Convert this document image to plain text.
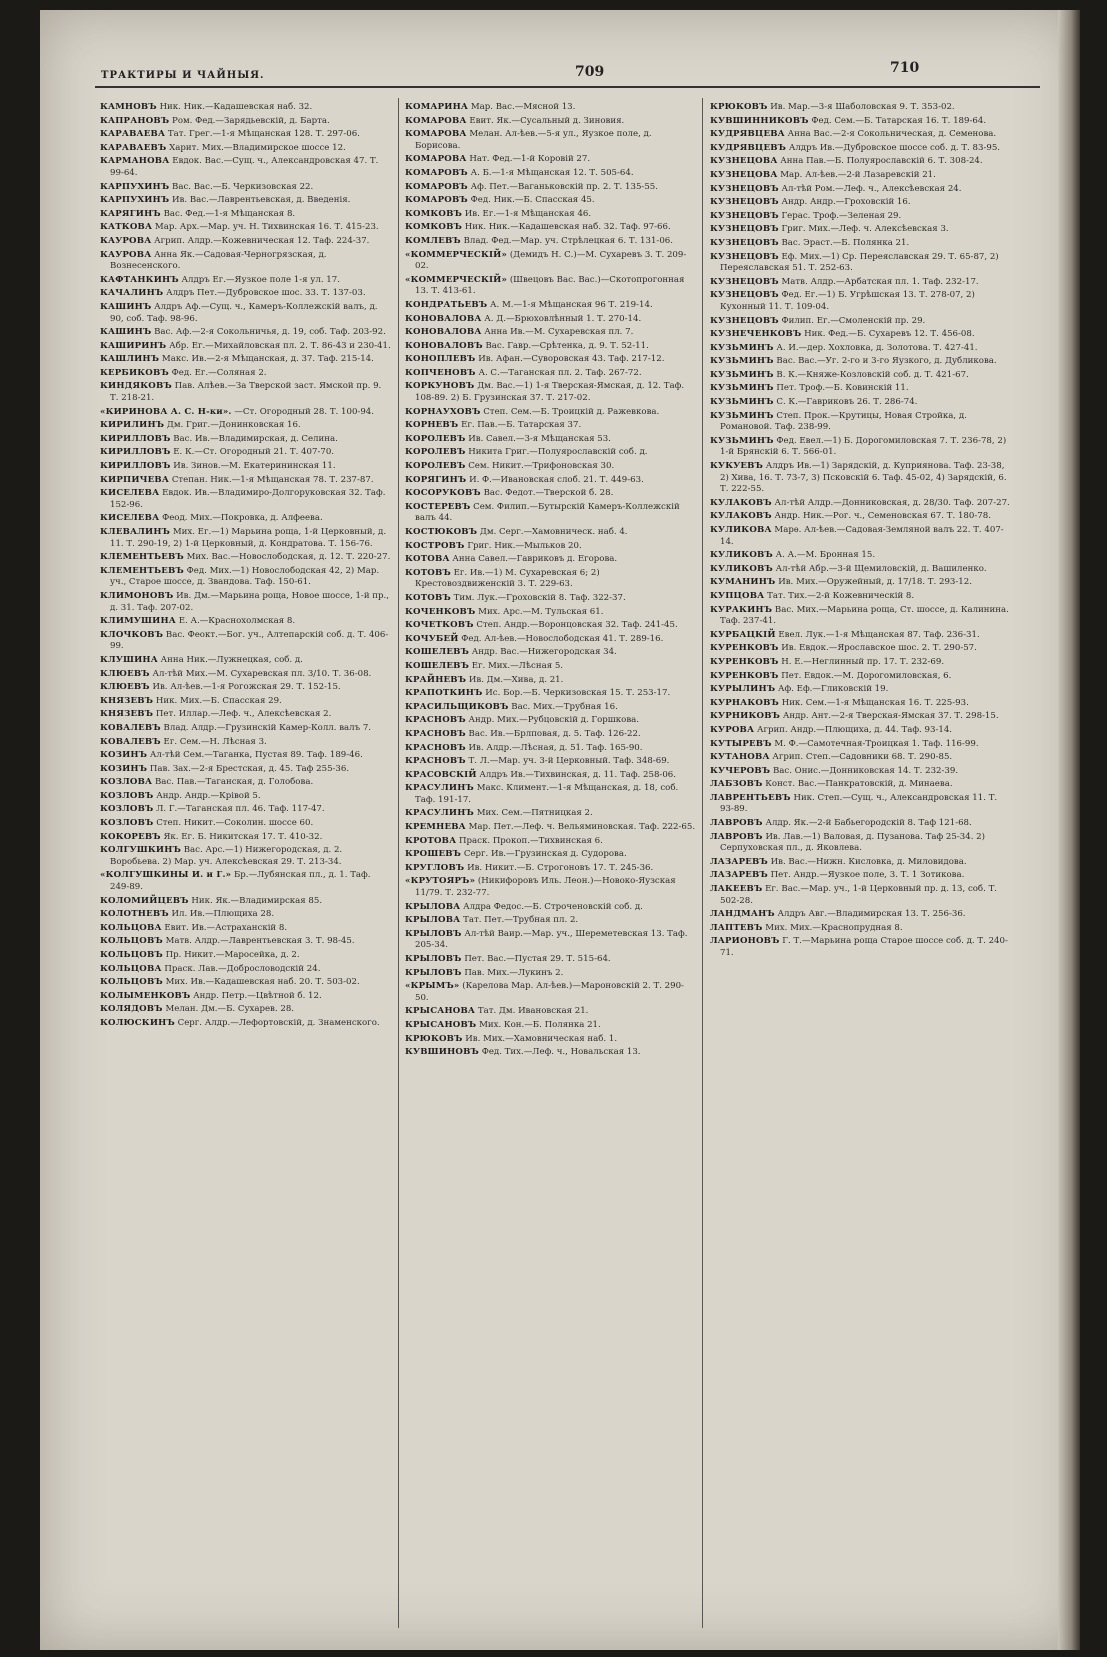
ТРАКТИРЫ И ЧАЙНЫЯ.	709	710
КАМНОВЪ Ник. Ник.—Кадашевская наб. 32.
КАПРАНОВЪ Ром. Фед.—Зарядьевскій, д. Барта.
КАРАВАЕВА Тат. Грег.—1-я Мѣщанская 128. Т. 297-06.
КАРАВАЕВЪ Харит. Мих.—Владимирское шоссе 12.
КАРМАНОВА Евдок. Вас.—Сущ. ч., Александровская 47. Т. 99-64.
КАРПУХИНЪ Вас. Вас.—Б. Черкизовская 22.
КАРПУХИНЪ Ив. Вас.—Лаврентьевская, д. Введенія.
КАРЯГИНЪ Вас. Фед.—1-я Мѣщанская 8.
КАТКОВА Мар. Арх.—Мар. уч. Н. Тихвинская 16. Т. 415-23.
КАУРОВА Агрип. Алдр.—Кожевническая 12. Таф. 224-37.
КАУРОВА Анна Як.—Садовая-Черногрязская, д. Вознесенского.
КАФТАНКИНЪ Алдръ Ег.—Яузкое поле 1-я ул. 17.
КАЧАЛИНЪ Алдръ Пет.—Дубровское шос. 33. Т. 137-03.
КАШИНЪ Алдръ Аф.—Сущ. ч., Камеръ-Коллежскій валъ, д. 90, соб. Таф. 98-96.
КАШИНЪ Вас. Аф.—2-я Сокольничья, д. 19, соб. Таф. 203-92.
КАШИРИНЪ Абр. Ег.—Михайловская пл. 2. Т. 86-43 и 230-41.
КАШЛИНЪ Макс. Ив.—2-я Мѣщанская, д. 37. Таф. 215-14.
КЕРБИКОВЪ Фед. Ег.—Соляная 2.
КИНДЯКОВЪ Пав. Алѣев.—За Тверской заст. Ямской пр. 9. Т. 218-21.
«КИРИНОВА А. С. Н-ки». —Ст. Огородный 28. Т. 100-94.
КИРИЛИНЪ Дм. Григ.—Донинковская 16.
КИРИЛЛОВЪ Вас. Ив.—Владимирская, д. Селина.
КИРИЛЛОВЪ Е. К.—Ст. Огородный 21. Т. 407-70.
КИРИЛЛОВЪ Ив. Зинов.—М. Екатерининская 11.
КИРПИЧЕВА Степан. Ник.—1-я Мѣщанская 78. Т. 237-87.
КИСЕЛЕВА Евдок. Ив.—Владимиро-Долгоруковская 32. Таф. 152-96.
КИСЕЛЕВА Феод. Мих.—Покровка, д. Алфеева.
КЛЕВАЛИНЪ Мих. Ег.—1) Марьина роща, 1-й Церковный, д. 11. Т. 290-19, 2) 1-й Церковный, д. Кондратова. Т. 156-76.
КЛЕМЕНТЬЕВЪ Мих. Вас.—Новослободская, д. 12. Т. 220-27.
КЛЕМЕНТЬЕВЪ Фед. Мих.—1) Новослободская 42, 2) Мар. уч., Старое шоссе, д. Звандова. Таф. 150-61.
КЛИМОНОВЪ Ив. Дм.—Марьина роща, Новое шоссе, 1-й пр., д. 31. Таф. 207-02.
КЛИМУШИНА Е. А.—Краснохолмская 8.
КЛОЧКОВЪ Вас. Феокт.—Бог. уч., Алтепарскій соб. д. Т. 406-99.
КЛУШИНА Анна Ник.—Лужнецкая, соб. д.
КЛЮЕВЪ Ал-тѣй Мих.—М. Сухаревская пл. 3/10. Т. 36-08.
КЛЮЕВЪ Ив. Ал-ѣев.—1-я Рогожская 29. Т. 152-15.
КНЯЗЕВЪ Ник. Мих.—Б. Спасская 29.
КНЯЗЕВЪ Пет. Иллар.—Леф. ч., Алексѣевская 2.
КОВАЛЕВЪ Влад. Алдр.—Грузинскій Камер-Колл. валъ 7.
КОВАЛЕВЪ Ег. Сем.—Н. Лѣсная 3.
КОЗИНЪ Ал-тѣй Сем.—Таганка, Пустая 89. Таф. 189-46.
КОЗИНЪ Пав. Зах.—2-я Брестская, д. 45. Таф 255-36.
КОЗЛОВА Вас. Пав.—Таганская, д. Голобова.
КОЗЛОВЪ Андр. Андр.—Крівой 5.
КОЗЛОВЪ Л. Г.—Таганская пл. 46. Таф. 117-47.
КОЗЛОВЪ Степ. Никит.—Соколин. шоссе 60.
КОКОРЕВЪ Як. Ег. Б. Никитская 17. Т. 410-32.
КОЛГУШКИНЪ Вас. Арс.—1) Нижегородская, д. 2. Воробьева. 2) Мар. уч. Алексѣевская 29. Т. 213-34.
«КОЛГУШКИНЫ И. и Г.» Бр.—Лубянская пл., д. 1. Таф. 249-89.
КОЛОМИЙЦЕВЪ Ник. Як.—Владимирская 85.
КОЛОТНЕВЪ Ил. Ив.—Плющиха 28.
КОЛЬЦОВА Евит. Ив.—Астраханскій 8.
КОЛЬЦОВЪ Матв. Алдр.—Лаврентьевская 3. Т. 98-45.
КОЛЬЦОВЪ Пр. Никит.—Маросейка, д. 2.
КОЛЬЦОВА Праск. Лав.—Добрословодскій 24.
КОЛЬЦОВЪ Мих. Ив.—Кадашевская наб. 20. Т. 503-02.
КОЛЫМЕНКОВЪ Андр. Петр.—Цвѣтной б. 12.
КОЛЯДОВЪ Мелан. Дм.—Б. Сухарев. 28.
КОЛЮСКИНЪ Серг. Алдр.—Лефортовскій, д. Знаменского.
КОМАРИНА Мар. Вас.—Мясной 13.
КОМАРОВА Евит. Як.—Сусальный д. Зиновия.
КОМАРОВА Мелан. Ал-ѣев.—5-я ул., Яузкое поле, д. Борисова.
КОМАРОВА Нат. Фед.—1-й Коровій 27.
КОМАРОВЪ А. Б.—1-я Мѣщанская 12. Т. 505-64.
КОМАРОВЪ Аф. Пет.—Ваганьковскій пр. 2. Т. 135-55.
КОМАРОВЪ Фед. Ник.—Б. Спасская 45.
КОМКОВЪ Ив. Ег.—1-я Мѣщанская 46.
КОМКОВЪ Ник. Ник.—Кадашевская наб. 32. Таф. 97-66.
КОМЛЕВЪ Влад. Фед.—Мар. уч. Стрѣлецкая 6. Т. 131-06.
«КОММЕРЧЕСКІЙ» (Демидъ Н. С.)—М. Сухаревъ 3. Т. 209-02.
«КОММЕРЧЕСКІЙ» (Швецовъ Вас. Вас.)—Скотопрогонная 13. Т. 413-61.
КОНДРАТЬЕВЪ А. М.—1-я Мѣщанская 96 Т. 219-14.
КОНОВАЛОВА А. Д.—Брюховлѣнный 1. Т. 270-14.
КОНОВАЛОВА Анна Ив.—М. Сухаревская пл. 7.
КОНОВАЛОВЪ Вас. Гавр.—Срѣтенка, д. 9. Т. 52-11.
КОНОПЛЕВЪ Ив. Афан.—Суворовская 43. Таф. 217-12.
КОПЧЕНОВЪ А. С.—Таганская пл. 2. Таф. 267-72.
КОРКУНОВЪ Дм. Вас.—1) 1-я Тверская-Ямская, д. 12. Таф. 108-89. 2) Б. Грузинская 37. Т. 217-02.
КОРНАУХОВЪ Степ. Сем.—Б. Троицкій д. Ражевкова.
КОРНЕВЪ Ег. Пав.—Б. Татарская 37.
КОРОЛЕВЪ Ив. Савел.—3-я Мѣщанская 53.
КОРОЛЕВЪ Никита Григ.—Полуярославскій соб. д.
КОРОЛЕВЪ Сем. Никит.—Трифоновская 30.
КОРЯГИНЪ И. Ф.—Ивановская слоб. 21. Т. 449-63.
КОСОРУКОВЪ Вас. Федот.—Тверской б. 28.
КОСТЕРЕВЪ Сем. Филип.—Бутырскій Камеръ-Коллежскій валъ 44.
КОСТЮКОВЪ Дм. Серг.—Хамовническ. наб. 4.
КОСТРОВЪ Григ. Ник.—Мыльков 20.
КОТОВА Анна Савел.—Гавриковъ д. Егорова.
КОТОВЪ Ег. Ив.—1) М. Сухаревская 6; 2) Крестовоздвиженскій 3. Т. 229-63.
КОТОВЪ Тим. Лук.—Гроховскій 8. Таф. 322-37.
КОЧЕНКОВЪ Мих. Арс.—М. Тульская 61.
КОЧЕТКОВЪ Степ. Андр.—Воронцовская 32. Таф. 241-45.
КОЧУБЕЙ Фед. Ал-ѣев.—Новослободская 41. Т. 289-16.
КОШЕЛЕВЪ Андр. Вас.—Нижегородская 34.
КОШЕЛЕВЪ Ег. Мих.—Лѣсная 5.
КРАЙНЕВЪ Ив. Дм.—Хива, д. 21.
КРАПОТКИНЪ Ис. Бор.—Б. Черкизовская 15. Т. 253-17.
КРАСИЛЬЩИКОВЪ Вас. Мих.—Трубная 16.
КРАСНОВЪ Андр. Мих.—Рубцовскій д. Горшкова.
КРАСНОВЪ Вас. Ив.—Брлповая, д. 5. Таф. 126-22.
КРАСНОВЪ Ив. Алдр.—Лѣсная, д. 51. Таф. 165-90.
КРАСНОВЪ Т. Л.—Мар. уч. 3-й Церковный. Таф. 348-69.
КРАСОВСКІЙ Алдръ Ив.—Тихвинская, д. 11. Таф. 258-06.
КРАСУЛИНЪ Макс. Климент.—1-я Мѣщанская, д. 18, соб. Таф. 191-17.
КРАСУЛИНЪ Мих. Сем.—Пятницкая 2.
КРЕМНЕВА Мар. Пет.—Леф. ч. Вельяминовская. Таф. 222-65.
КРОТОВА Праск. Прокоп.—Тихвинская 6.
КРОШЕВЪ Серг. Ив.—Грузинская д. Судорова.
КРУГЛОВЪ Ив. Никит.—Б. Строгоновъ 17. Т. 245-36.
«КРУТОЯРЪ» (Никифоровъ Иль. Леон.)—Новоко-Яузская 11/79. Т. 232-77.
КРЫЛОВА Алдра Федос.—Б. Строченовскій соб. д.
КРЫЛОВА Тат. Пет.—Трубная пл. 2.
КРЫЛОВЪ Ал-тѣй Ваир.—Мар. уч., Шереметевская 13. Таф. 205-34.
КРЫЛОВЪ Пет. Вас.—Пустая 29. Т. 515-64.
КРЫЛОВЪ Пав. Мих.—Лукинъ 2.
«КРЫМЪ» (Карелова Мар. Ал-ѣев.)—Мароновскій 2. Т. 290-50.
КРЫСАНОВА Тат. Дм. Ивановская 21.
КРЫСАНОВЪ Мих. Кон.—Б. Полянка 21.
КРЮКОВЪ Ив. Мих.—Хамовническая наб. 1.
КУВШИНОВЪ Фед. Тих.—Леф. ч., Новальская 13.
КРЮКОВЪ Ив. Мар.—3-я Шаболовская 9. Т. 353-02.
КУВШИННИКОВЪ Фед. Сем.—Б. Татарская 16. Т. 189-64.
КУДРЯВЦЕВА Анна Вас.—2-я Сокольническая, д. Семенова.
КУДРЯВЦЕВЪ Алдръ Ив.—Дубровское шоссе соб. д. Т. 83-95.
КУЗНЕЦОВА Анна Пав.—Б. Полуярославскій 6. Т. 308-24.
КУЗНЕЦОВА Мар. Ал-ѣев.—2-й Лазаревскій 21.
КУЗНЕЦОВЪ Ал-тѣй Ром.—Леф. ч., Алексѣевская 24.
КУЗНЕЦОВЪ Андр. Андр.—Гроховскій 16.
КУЗНЕЦОВЪ Герас. Троф.—Зеленая 29.
КУЗНЕЦОВЪ Григ. Мих.—Леф. ч. Алексѣевская 3.
КУЗНЕЦОВЪ Вас. Эраст.—Б. Полянка 21.
КУЗНЕЦОВЪ Еф. Мих.—1) Ср. Переяславская 29. Т. 65-87, 2) Переяславская 51. Т. 252-63.
КУЗНЕЦОВЪ Матв. Алдр.—Арбатская пл. 1. Таф. 232-17.
КУЗНЕЦОВЪ Фед. Ег.—1) Б. Угрѣшская 13. Т. 278-07, 2) Кухонный 11. Т. 109-04.
КУЗНЕЦОВЪ Филип. Ег.—Смоленскій пр. 29.
КУЗНЕЧЕНКОВЪ Ник. Фед.—Б. Сухаревъ 12. Т. 456-08.
КУЗЬМИНЪ А. И.—дер. Хохловка, д. Золотова. Т. 427-41.
КУЗЬМИНЪ Вас. Вас.—Уг. 2-го и 3-го Яузкого, д. Дубликова.
КУЗЬМИНЪ В. К.—Княже-Козловскій соб. д. Т. 421-67.
КУЗЬМИНЪ Пет. Троф.—Б. Ковинскій 11.
КУЗЬМИНЪ С. К.—Гавриковъ 26. Т. 286-74.
КУЗЬМИНЪ Степ. Прок.—Крутицы, Новая Стройка, д. Романовой. Таф. 238-99.
КУЗЬМИНЪ Фед. Евел.—1) Б. Дорогомиловская 7. Т. 236-78, 2) 1-й Брянскій 6. Т. 566-01.
КУКУЕВЪ Алдръ Ив.—1) Зарядскій, д. Куприянова. Таф. 23-38, 2) Хива, 16. Т. 73-7, 3) Псковскій 6. Таф. 45-02, 4) Зарядскій, 6. Т. 222-55.
КУЛАКОВЪ Ал-тѣй Алдр.—Донниковская, д. 28/30. Таф. 207-27.
КУЛАКОВЪ Андр. Ник.—Рог. ч., Семеновская 67. Т. 180-78.
КУЛИКОВА Марѳ. Ал-ѣев.—Садовая-Земляной валъ 22. Т. 407-14.
КУЛИКОВЪ А. А.—М. Бронная 15.
КУЛИКОВЪ Ал-тѣй Абр.—3-й Щемиловскій, д. Вашиленко.
КУМАНИНЪ Ив. Мих.—Оружейный, д. 17/18. Т. 293-12.
КУПЦОВА Тат. Тих.—2-й Кожевническій 8.
КУРАКИНЪ Вас. Мих.—Марьина роща, Ст. шоссе, д. Калинина. Таф. 237-41.
КУРБАЦКІЙ Евел. Лук.—1-я Мѣщанская 87. Таф. 236-31.
КУРЕНКОВЪ Ив. Евдок.—Ярославское шос. 2. Т. 290-57.
КУРЕНКОВЪ Н. Е.—Неглинный пр. 17. Т. 232-69.
КУРЕНКОВЪ Пет. Евдок.—М. Дорогомиловская, 6.
КУРЫЛИНЪ Аф. Еф.—Гликовскій 19.
КУРНАКОВЪ Ник. Сем.—1-я Мѣщанская 16. Т. 225-93.
КУРНИКОВЪ Андр. Ант.—2-я Тверская-Ямская 37. Т. 298-15.
КУРОВА Агрип. Андр.—Плющиха, д. 44. Таф. 93-14.
КУТЫРЕВЪ М. Ф.—Самотечная-Троицкая 1. Таф. 116-99.
КУТАНОВА Агрип. Степ.—Садовники 68. Т. 290-85.
КУЧЕРОВЪ Вас. Онис.—Донниковская 14. Т. 232-39.
ЛАБЗОВЪ Конст. Вас.—Панкратовскій, д. Минаева.
ЛАВРЕНТЬЕВЪ Ник. Степ.—Сущ. ч., Александровская 11. Т. 93-89.
ЛАВРОВЪ Алдр. Як.—2-й Бабьегородскій 8. Таф 121-68.
ЛАВРОВЪ Ив. Лав.—1) Валовая, д. Пузанова. Таф 25-34. 2) Серпуховская пл., д. Яковлева.
ЛАЗАРЕВЪ Ив. Вас.—Нижн. Кисловка, д. Миловидова.
ЛАЗАРЕВЪ Пет. Андр.—Яузкое поле, 3. Т. 1 Зотикова.
ЛАКЕЕВЪ Ег. Вас.—Мар. уч., 1-й Церковный пр. д. 13, соб. Т. 502-28.
ЛАНДМАНЪ Алдръ Авг.—Владимирская 13. Т. 256-36.
ЛАПТЕВЪ Мих. Мих.—Краснопрудная 8.
ЛАРИОНОВЪ Г. Т.—Марьина роща Старое шоссе соб. д. Т. 240-71.
